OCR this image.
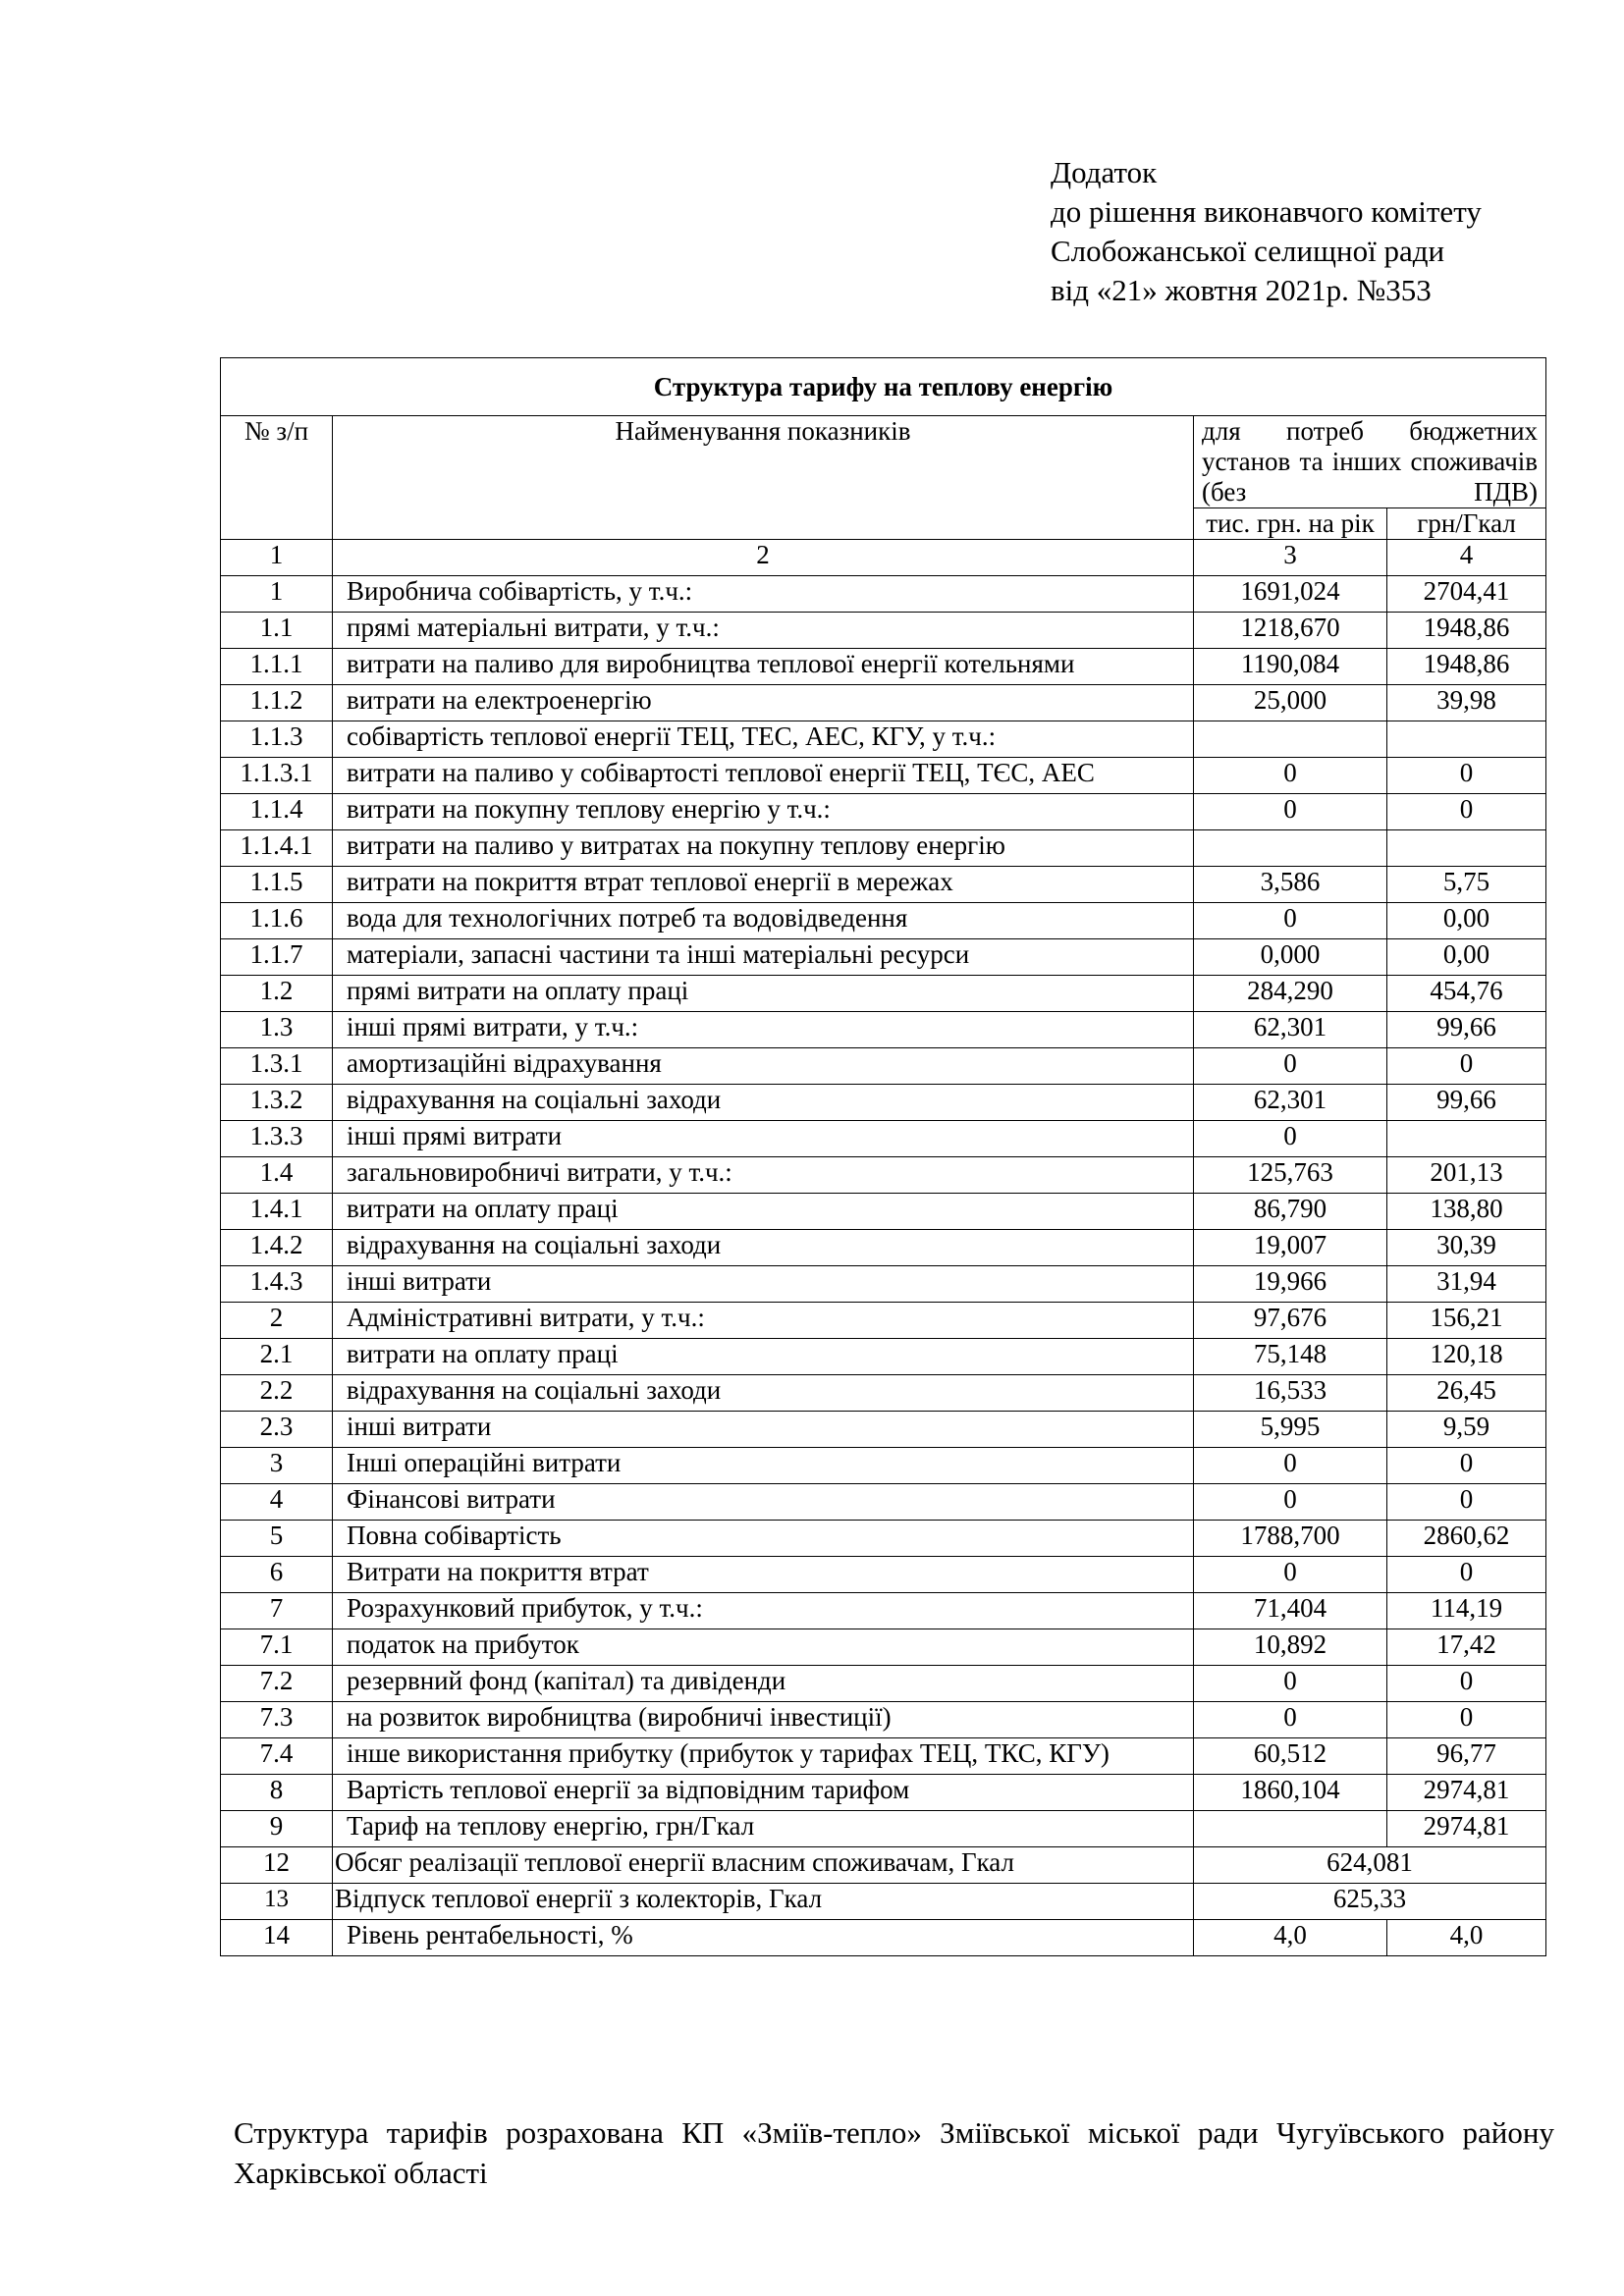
Додаток
до рішення виконавчого комітету
Слобожанської селищної ради
від «21» жовтня 2021р. №353
Структура тарифу на теплову енергію			
№ з/п	Найменування показників	для потреб бюджетних установ та інших споживачів (без ПДВ)	
		тис. грн. на рік	грн/Гкал
1	2	3	4
1	Виробнича собівартість, у т.ч.:	1691,024	2704,41
1.1	прямі матеріальні витрати, у т.ч.:	1218,670	1948,86
1.1.1	витрати на паливо для виробництва теплової енергії котельнями	1190,084	1948,86
1.1.2	витрати на електроенергію	25,000	39,98
1.1.3	собівартість теплової енергії ТЕЦ, ТЕС, АЕС, КГУ, у т.ч.:		
1.1.3.1	витрати на паливо у собівартості теплової енергії ТЕЦ, ТЄС, АЕС	0	0
1.1.4	витрати на покупну теплову енергію у т.ч.:	0	0
1.1.4.1	витрати на паливо у витратах на покупну теплову енергію		
1.1.5	витрати на покриття втрат теплової енергії в мережах	3,586	5,75
1.1.6	вода для технологічних потреб та водовідведення	0	0,00
1.1.7	матеріали, запасні частини та інші матеріальні ресурси	0,000	0,00
1.2	прямі витрати на оплату праці	284,290	454,76
1.3	інші прямі витрати, у т.ч.:	62,301	99,66
1.3.1	амортизаційні відрахування	0	0
1.3.2	відрахування на соціальні заходи	62,301	99,66
1.3.3	інші прямі витрати	0	
1.4	загальновиробничі витрати, у т.ч.:	125,763	201,13
1.4.1	витрати на оплату праці	86,790	138,80
1.4.2	відрахування на соціальні заходи	19,007	30,39
1.4.3	інші витрати	19,966	31,94
2	Адміністративні витрати, у т.ч.:	97,676	156,21
2.1	витрати на оплату праці	75,148	120,18
2.2	відрахування на соціальні заходи	16,533	26,45
2.3	інші витрати	5,995	9,59
3	Інші операційні витрати	0	0
4	Фінансові витрати	0	0
5	Повна собівартість	1788,700	2860,62
6	Витрати на покриття втрат	0	0
7	Розрахунковий прибуток, у т.ч.:	71,404	114,19
7.1	податок на прибуток	10,892	17,42
7.2	резервний фонд (капітал) та дивіденди	0	0
7.3	на розвиток виробництва (виробничі інвестиції)	0	0
7.4	інше використання прибутку (прибуток у тарифах ТЕЦ, ТКС, КГУ)	60,512	96,77
8	Вартість теплової енергії за відповідним тарифом	1860,104	2974,81
9	Тариф на теплову енергію, грн/Гкал		2974,81
12	Обсяг реалізації теплової енергії власним споживачам, Гкал	624,081	
13	Відпуск теплової енергії з колекторів, Гкал	625,33	
14	Рівень рентабельності, %	4,0	4,0
Структура тарифів розрахована КП «Зміїв-тепло» Зміївської міської ради Чугуївського району Харківської області
